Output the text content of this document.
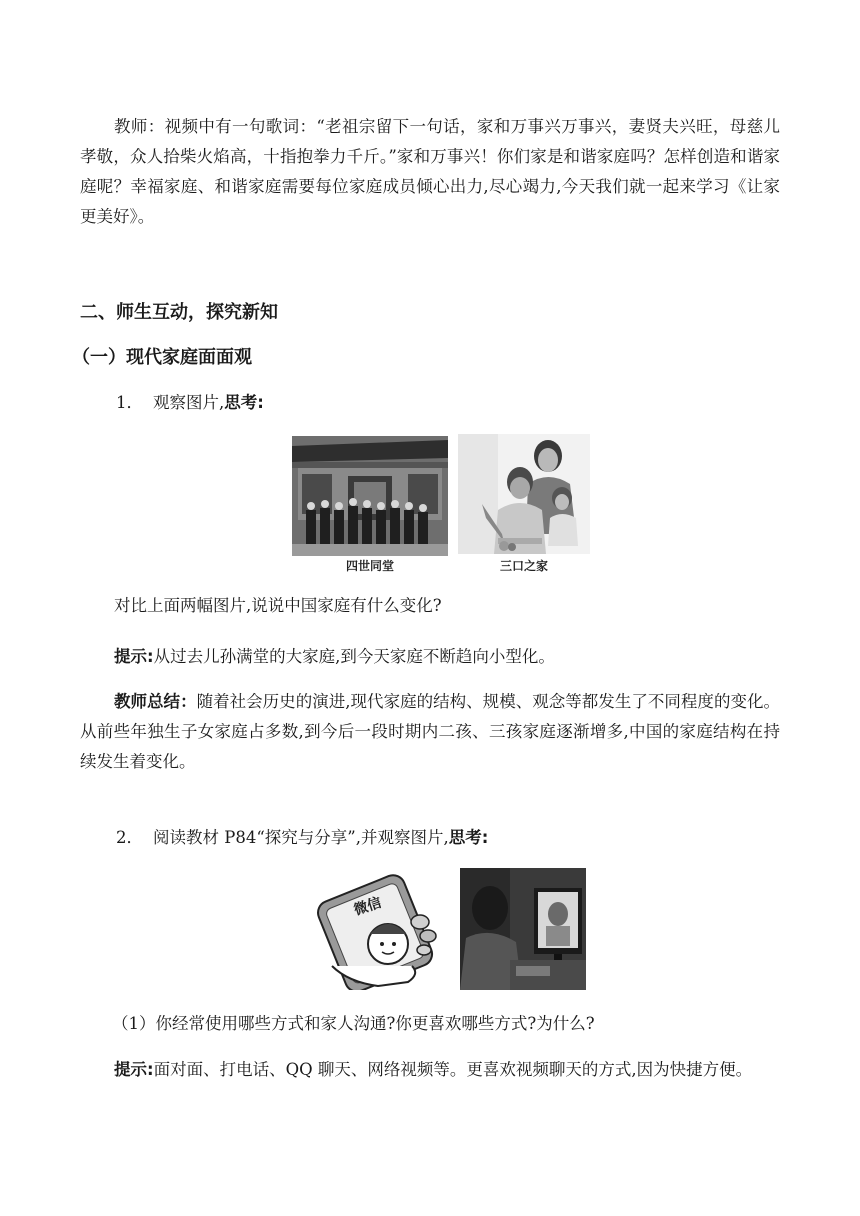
教师：视频中有一句歌词：“老祖宗留下一句话，家和万事兴万事兴，妻贤夫兴旺，母慈儿孝敬，众人拾柴火焰高，十指抱拳力千斤。”家和万事兴！你们家是和谐家庭吗？怎样创造和谐家庭呢？幸福家庭、和谐家庭需要每位家庭成员倾心出力,尽心竭力,今天我们就一起来学习《让家更美好》。

二、师生互动，探究新知
（一）现代家庭面面观

1． 观察图片,思考:

四世同堂	三口之家

对比上面两幅图片,说说中国家庭有什么变化?

提示:从过去儿孙满堂的大家庭,到今天家庭不断趋向小型化。

教师总结：随着社会历史的演进,现代家庭的结构、规模、观念等都发生了不同程度的变化。从前些年独生子女家庭占多数,到今后一段时期内二孩、三孩家庭逐渐增多,中国的家庭结构在持续发生着变化。

2． 阅读教材 P84“探究与分享”,并观察图片,思考:

微信

（1）你经常使用哪些方式和家人沟通?你更喜欢哪些方式?为什么?

提示:面对面、打电话、QQ 聊天、网络视频等。更喜欢视频聊天的方式,因为快捷方便。
